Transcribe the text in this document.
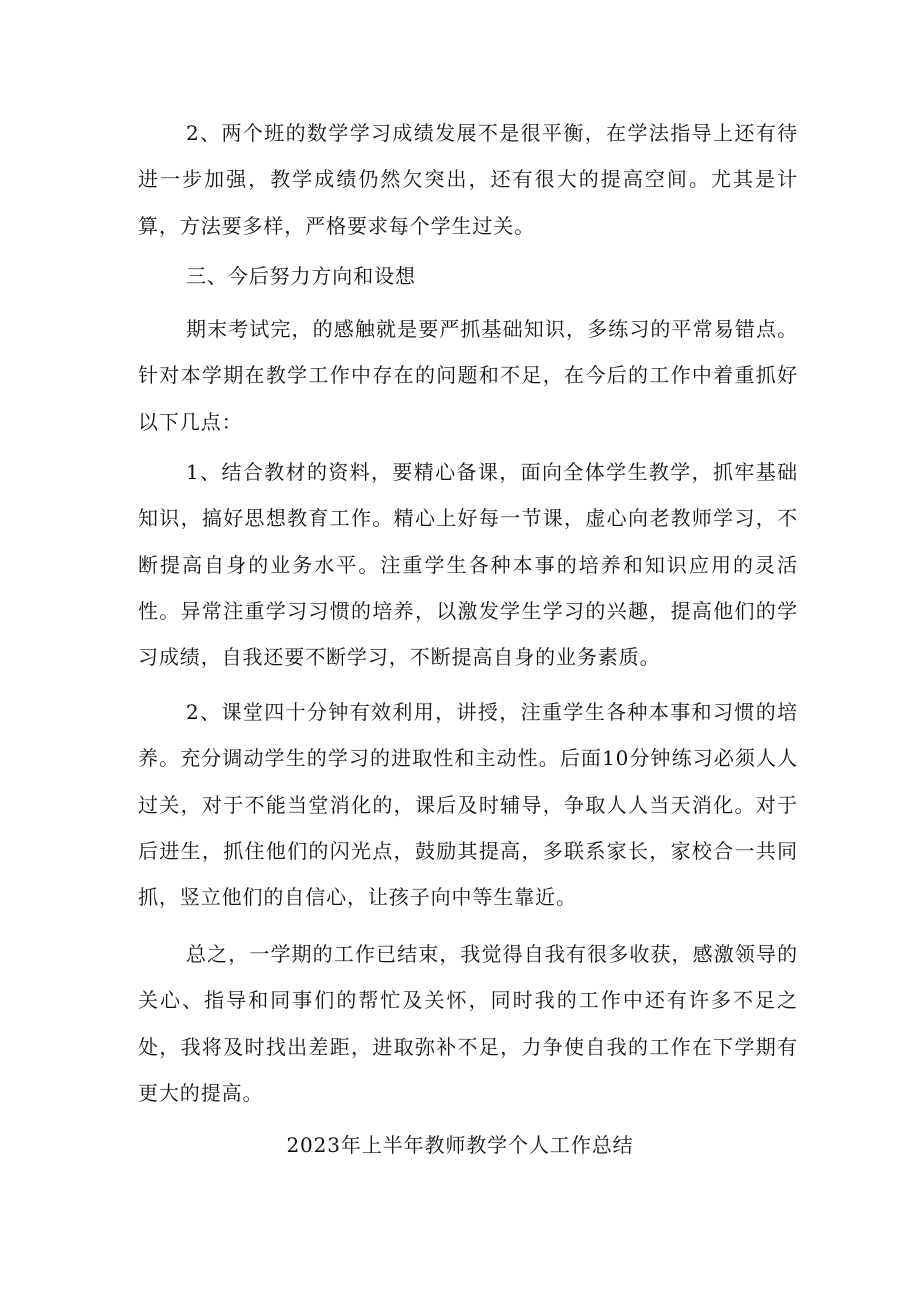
2、两个班的数学学习成绩发展不是很平衡，在学法指导上还有待进一步加强，教学成绩仍然欠突出，还有很大的提高空间。尤其是计算，方法要多样，严格要求每个学生过关。

三、今后努力方向和设想

期末考试完，的感触就是要严抓基础知识，多练习的平常易错点。针对本学期在教学工作中存在的问题和不足，在今后的工作中着重抓好以下几点：

1、结合教材的资料，要精心备课，面向全体学生教学，抓牢基础知识，搞好思想教育工作。精心上好每一节课，虚心向老教师学习，不断提高自身的业务水平。注重学生各种本事的培养和知识应用的灵活性。异常注重学习习惯的培养，以激发学生学习的兴趣，提高他们的学习成绩，自我还要不断学习，不断提高自身的业务素质。

2、课堂四十分钟有效利用，讲授，注重学生各种本事和习惯的培养。充分调动学生的学习的进取性和主动性。后面10分钟练习必须人人过关，对于不能当堂消化的，课后及时辅导，争取人人当天消化。对于后进生，抓住他们的闪光点，鼓励其提高，多联系家长，家校合一共同抓，竖立他们的自信心，让孩子向中等生靠近。

总之，一学期的工作已结束，我觉得自我有很多收获，感激领导的关心、指导和同事们的帮忙及关怀，同时我的工作中还有许多不足之处，我将及时找出差距，进取弥补不足，力争使自我的工作在下学期有更大的提高。

2023年上半年教师教学个人工作总结
